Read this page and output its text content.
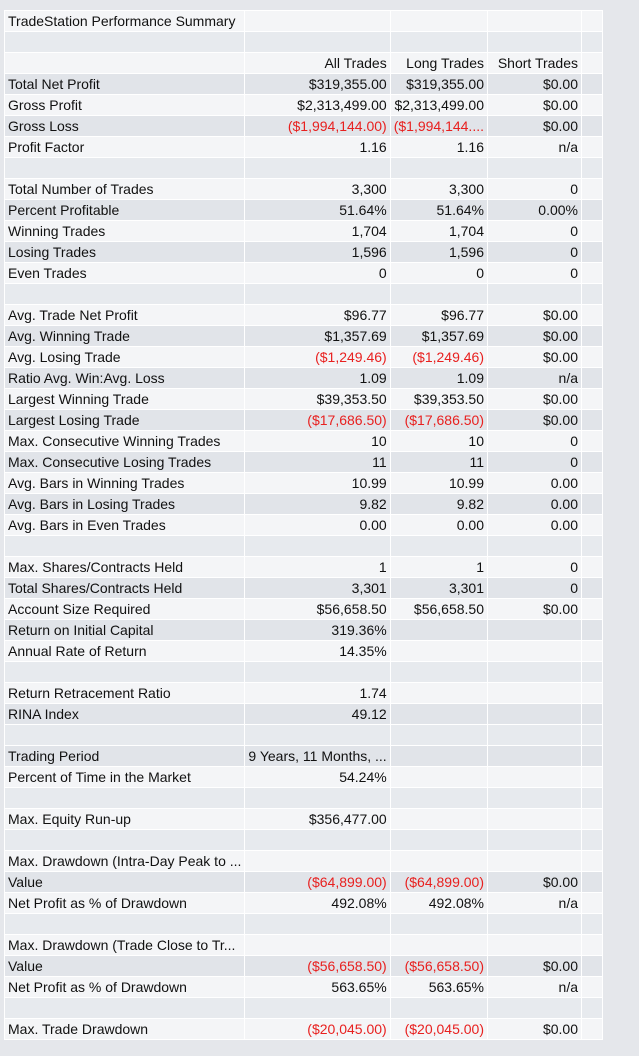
TradeStation Performance Summary				

	All Trades	Long Trades	Short Trades	
Total Net Profit	$319,355.00	$319,355.00	$0.00	
Gross Profit	$2,313,499.00	$2,313,499.00	$0.00	
Gross Loss	($1,994,144.00)	($1,994,144....	$0.00	
Profit Factor	1.16	1.16	n/a	

Total Number of Trades	3,300	3,300	0	
Percent Profitable	51.64%	51.64%	0.00%	
Winning Trades	1,704	1,704	0	
Losing Trades	1,596	1,596	0	
Even Trades	0	0	0	

Avg. Trade Net Profit	$96.77	$96.77	$0.00	
Avg. Winning Trade	$1,357.69	$1,357.69	$0.00	
Avg. Losing Trade	($1,249.46)	($1,249.46)	$0.00	
Ratio Avg. Win:Avg. Loss	1.09	1.09	n/a	
Largest Winning Trade	$39,353.50	$39,353.50	$0.00	
Largest Losing Trade	($17,686.50)	($17,686.50)	$0.00	
Max. Consecutive Winning Trades	10	10	0	
Max. Consecutive Losing Trades	11	11	0	
Avg. Bars in Winning Trades	10.99	10.99	0.00	
Avg. Bars in Losing Trades	9.82	9.82	0.00	
Avg. Bars in Even Trades	0.00	0.00	0.00	

Max. Shares/Contracts Held	1	1	0	
Total Shares/Contracts Held	3,301	3,301	0	
Account Size Required	$56,658.50	$56,658.50	$0.00	
Return on Initial Capital	319.36%			
Annual Rate of Return	14.35%			

Return Retracement Ratio	1.74			
RINA Index	49.12			

Trading Period	9 Years, 11 Months, ...			
Percent of Time in the Market	54.24%			

Max. Equity Run-up	$356,477.00			

Max. Drawdown (Intra-Day Peak to ...				
Value	($64,899.00)	($64,899.00)	$0.00	
Net Profit as % of Drawdown	492.08%	492.08%	n/a	

Max. Drawdown (Trade Close to Tr...				
Value	($56,658.50)	($56,658.50)	$0.00	
Net Profit as % of Drawdown	563.65%	563.65%	n/a	

Max. Trade Drawdown	($20,045.00)	($20,045.00)	$0.00	
